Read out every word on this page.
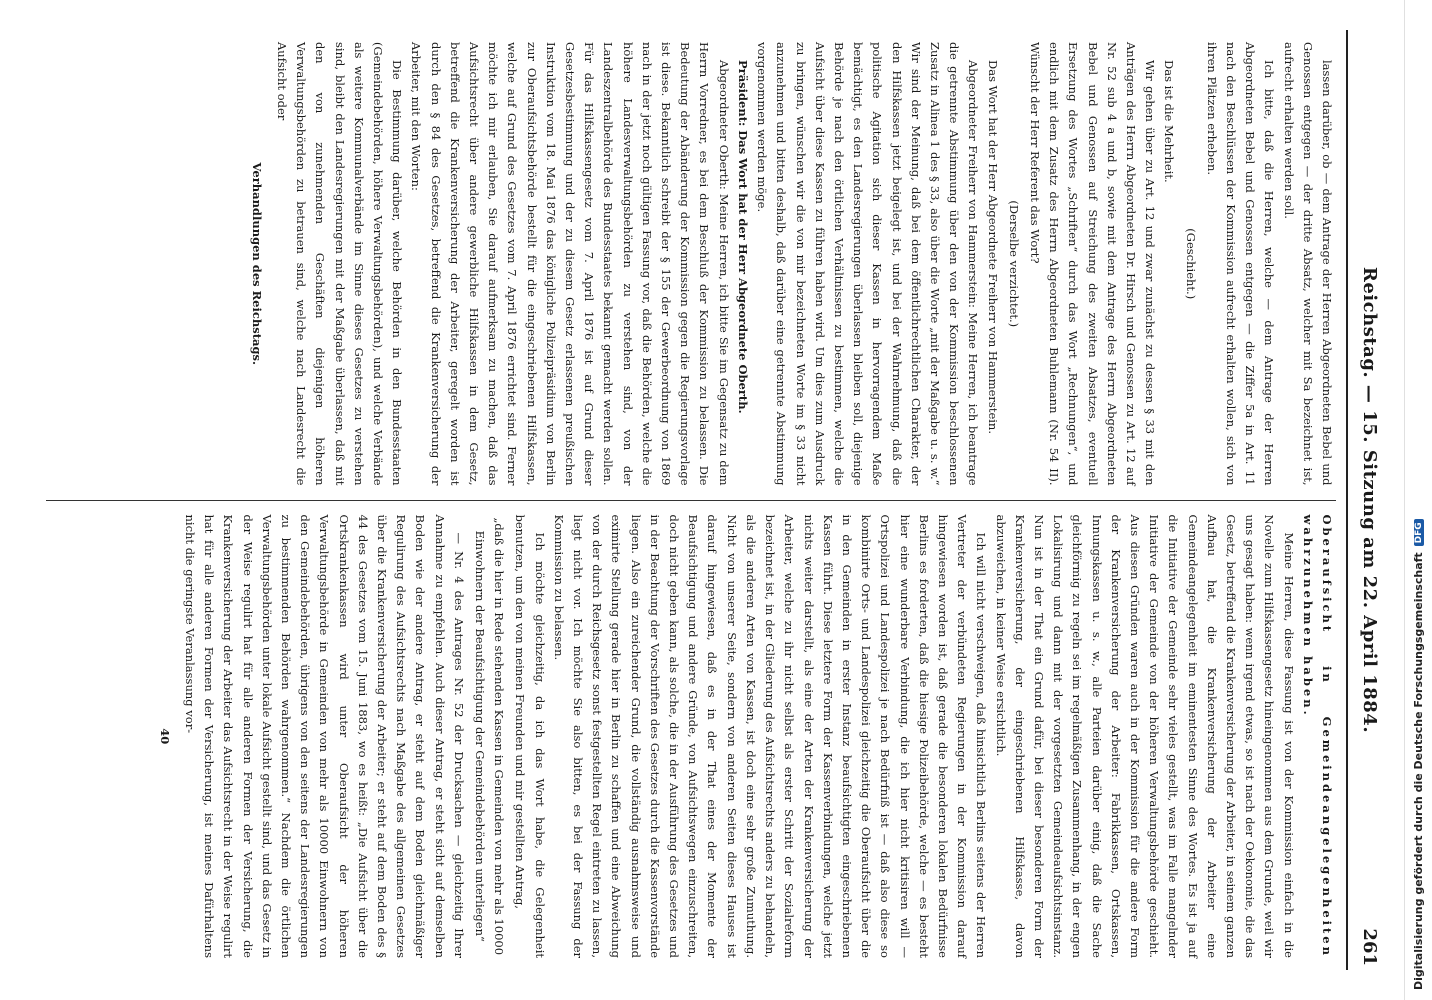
Reichstag. — 15. Sitzung am 22. April 1884.
261

lassen darüber, ob — dem Antrage der Herren Abgeordneten Bebel und Genossen entgegen — der dritte Absatz, welcher mit Sa bezeichnet ist, aufrecht erhalten werden soll.

Ich bitte, daß die Herren, welche — dem Antrage der Herren Abgeordneten Bebel und Genossen entgegen — die Ziffer 5a in Art. 11 nach den Beschlüssen der Kommission aufrecht erhalten wollen, sich von ihren Plätzen erheben.

(Geschieht.)

Das ist die Mehrheit.

Wir gehen über zu Art. 12 und zwar zunächst zu dessen § 33 mit den Anträgen des Herrn Abgeordneten Dr. Hirsch und Genossen zu Art. 12 auf Nr. 52 sub 4 a und b, sowie mit dem Antrage des Herrn Abgeordneten Bebel und Genossen auf Streichung des zweiten Absatzes, eventuell Ersetzung des Wortes „Schriften“ durch das Wort „Rechnungen“, und endlich mit dem Zusatz des Herrn Abgeordneten Buhlemann (Nr. 54 II). Wünscht der Herr Referent das Wort?

(Derselbe verzichtet.)

Das Wort hat der Herr Abgeordnete Freiherr von Hammerstein.

Abgeordneter Freiherr von Hammerstein: Meine Herren, ich beantrage die getrennte Abstimmung über den von der Kommission beschlossenen Zusatz in Alinea 1 des § 33, also über die Worte „mit der Maßgabe u. s. w.“ Wir sind der Meinung, daß bei dem öffentlichrechtlichen Charakter, der den Hilfskassen jetzt beigelegt ist, und bei der Wahrnehmung, daß die politische Agitation sich dieser Kassen in hervorragendem Maße bemächtigt, es den Landesregierungen überlassen bleiben soll, diejenige Behörde je nach den örtlichen Verhältnissen zu bestimmen, welche die Aufsicht über diese Kassen zu führen haben wird. Um dies zum Ausdruck zu bringen, wünschen wir die von mir bezeichneten Worte im § 33 nicht anzunehmen und bitten deshalb, daß darüber eine getrennte Abstimmung vorgenommen werden möge.

Präsident: Das Wort hat der Herr Abgeordnete Oberth.

Abgeordneter Oberth: Meine Herren, ich bitte Sie im Gegensatz zu dem Herrn Vorredner, es bei dem Beschluß der Kommission zu belassen. Die Bedeutung der Abänderung der Kommission gegen die Regierungsvorlage ist diese. Bekanntlich schreibt der § 155 der Gewerbeordnung von 1869 nach in der jetzt noch gültigen Fassung vor, daß die Behörden, welche die höhere Landesverwaltungsbehörden zu verstehen sind, von der Landeszentralbehörde des Bundesstaates bekannt gemacht werden sollen. Für das Hilfskassengesetz vom 7. April 1876 ist auf Grund dieser Gesetzesbestimmung und der zu diesem Gesetz erlassenen preußischen Instruktion vom 18. Mai 1876 das königliche Polizeipräsidium von Berlin zur Oberaufsichtsbehörde bestellt für die eingeschriebenen Hilfskassen, welche auf Grund des Gesetzes vom 7. April 1876 errichtet sind. Ferner möchte ich mir erlauben, Sie darauf aufmerksam zu machen, daß das Aufsichtsrecht über andere gewerbliche Hilfskassen in dem Gesetz, betreffend die Krankenversicherung der Arbeiter, geregelt worden ist durch den § 84 des Gesetzes, betreffend die Krankenversicherung der Arbeiter, mit den Worten:

Die Bestimmung darüber, welche Behörden in den Bundesstaaten (Gemeindebehörden, höhere Verwaltungsbehörden), und welche Verbände als weitere Kommunalverbände im Sinne dieses Gesetzes zu verstehen sind, bleibt den Landesregierungen mit der Maßgabe überlassen, daß mit den von zunehmenden Geschäften diejenigen höheren Verwaltungsbehörden zu betrauen sind, welche nach Landesrecht die Aufsicht oder

Verhandlungen des Reichstags.

Oberaufsicht in Gemeindeangelegenheiten wahrzunehmen haben.

Meine Herren, diese Fassung ist von der Kommission einfach in die Novelle zum Hilfskassengesetz hineingenommen aus dem Grunde, weil wir uns gesagt haben: wenn irgend etwas, so ist nach der Oekonomie, die das Gesetz, betreffend die Krankenversicherung der Arbeiter, in seinem ganzen Aufbau hat, die Krankenversicherung der Arbeiter eine Gemeindeangelegenheit im eminentesten Sinne des Wortes. Es ist ja auf die Initiative der Gemeinde sehr vieles gestellt, was im Falle mangelnder Initiative der Gemeinde von der höheren Verwaltungsbehörde geschieht. Aus diesen Gründen waren auch in der Kommission für die andere Form der Krankenversicherung der Arbeiter: Fabrikkassen, Ortskassen, Innungskassen u. s. w., alle Parteien darüber einig, daß die Sache gleichförmig zu regeln sei im regelmäßigen Zusammenhang, in der engen Lokalisirung und dann mit der vorgesetzten Gemeindeaufsichtsinstanz. Nun ist in der That ein Grund dafür, bei dieser besonderen Form der Krankenversicherung, der eingeschriebenen Hilfskasse, davon abzuweichen, in keiner Weise ersichtlich.

Ich will nicht verschweigen, daß hinsichtlich Berlins seitens der Herren Vertreter der verbündeten Regierungen in der Kommission darauf hingewiesen worden ist, daß gerade die besonderen lokalen Bedürfnisse Berlins es forderten, daß die hiesige Polizeibehörde, welche — es besteht hier eine wunderbare Verbindung, die ich hier nicht kritisiren will — Ortspolizei und Landespolizei je nach Bedürfniß ist — daß also diese so kombinirte Orts- und Landespolizei gleichzeitig die Oberaufsicht über die in den Gemeinden in erster Instanz beaufsichtigten eingeschriebenen Kassen führt. Diese letztere Form der Kassenverbindungen, welche jetzt nichts weiter darstellt, als eine der Arten der Krankenversicherung der Arbeiter, welche zu ihr nicht selbst als erster Schritt der Sozialreform bezeichnet ist, in der Gliederung des Aufsichtsrechts anders zu behandeln, als die anderen Arten von Kassen, ist doch eine sehr große Zumuthung. Nicht von unserer Seite, sondern von anderen Seiten dieses Hauses ist darauf hingewiesen, daß es in der That eines der Momente der Beaufsichtigung und andere Gründe, von Aufsichtswegen einzuschreiten, doch nicht geben kann, als solche, die in der Ausführung des Gesetzes und in der Beachtung der Vorschriften des Gesetzes durch die Kassenvorstände liegen. Also ein zureichender Grund, die vollständig ausnahmsweise und eximirte Stellung gerade hier in Berlin zu schaffen und eine Abweichung von der durch Reichsgesetz sonst festgestellten Regel eintreten zu lassen, liegt nicht vor. Ich möchte Sie also bitten, es bei der Fassung der Kommission zu belassen.

Ich möchte gleichzeitig, da ich das Wort habe, die Gelegenheit benutzen, um den von meinen Freunden und mir gestellten Antrag,

„daß die hier in Rede stehenden Kassen in Gemeinden von mehr als 10000 Einwohnern der Beaufsichtigung der Gemeindebehörden unterliegen“

— Nr. 4 des Antrages Nr. 52 der Drucksachen — gleichzeitig Ihrer Annahme zu empfehlen. Auch dieser Antrag, er steht sicht auf demselben Boden wie der andere Antrag, er steht auf dem Boden gleichmäßiger Regulirung des Aufsichtsrechts nach Maßgabe des allgemeinen Gesetzes über die Krankenversicherung der Arbeiter; er steht auf dem Boden des § 44 des Gesetzes vom 15. Juni 1883, wo es heißt: „Die Aufsicht über die Ortskrankenkassen wird unter Oberaufsicht der höheren Verwaltungsbehörde in Gemeinden von mehr als 10000 Einwohnern von den Gemeindebehörden, übrigens von den seitens der Landesregierungen zu bestimmenden Behörden wahrgenommen.“ Nachdem die örtlichen Verwaltungsbehörden unter lokale Aufsicht gestellt sind, und das Gesetz in der Weise regulirt hat für alle anderen Formen der Versicherung, die Krankenversicherung der Arbeiter das Aufsichtsrecht in der Weise regulirt hat für alle anderen Formen der Versicherung, ist meines Dafürhaltens nicht die geringste Veranlassung vor-

40	Digitalisierung gefördert durch die Deutsche Forschungsgemeinschaft
DFG
